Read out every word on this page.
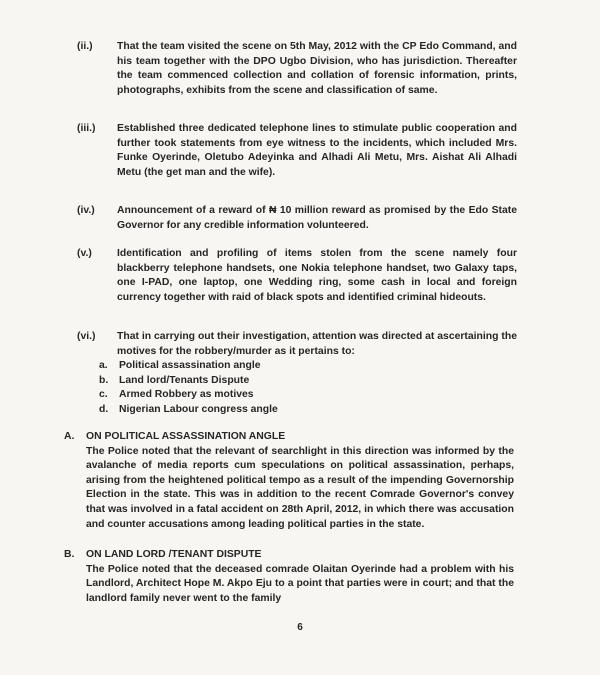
(ii.) That the team visited the scene on 5th May, 2012 with the CP Edo Command, and his team together with the DPO Ugbo Division, who has jurisdiction. Thereafter the team commenced collection and collation of forensic information, prints, photographs, exhibits from the scene and classification of same.
(iii.) Established three dedicated telephone lines to stimulate public cooperation and further took statements from eye witness to the incidents, which included Mrs. Funke Oyerinde, Oletubo Adeyinka and Alhadi Ali Metu, Mrs. Aishat Ali Alhadi Metu (the get man and the wife).
(iv.) Announcement of a reward of ₦ 10 million reward as promised by the Edo State Governor for any credible information volunteered.
(v.) Identification and profiling of items stolen from the scene namely four blackberry telephone handsets, one Nokia telephone handset, two Galaxy taps, one I-PAD, one laptop, one Wedding ring, some cash in local and foreign currency together with raid of black spots and identified criminal hideouts.
(vi.) That in carrying out their investigation, attention was directed at ascertaining the motives for the robbery/murder as it pertains to:
a. Political assassination angle
b. Land lord/Tenants Dispute
c. Armed Robbery as motives
d. Nigerian Labour congress angle
A. ON POLITICAL ASSASSINATION ANGLE
The Police noted that the relevant of searchlight in this direction was informed by the avalanche of media reports cum speculations on political assassination, perhaps, arising from the heightened political tempo as a result of the impending Governorship Election in the state. This was in addition to the recent Comrade Governor's convey that was involved in a fatal accident on 28th April, 2012, in which there was accusation and counter accusations among leading political parties in the state.
B. ON LAND LORD /TENANT DISPUTE
The Police noted that the deceased comrade Olaitan Oyerinde had a problem with his Landlord, Architect Hope M. Akpo Eju to a point that parties were in court; and that the landlord family never went to the family
6
